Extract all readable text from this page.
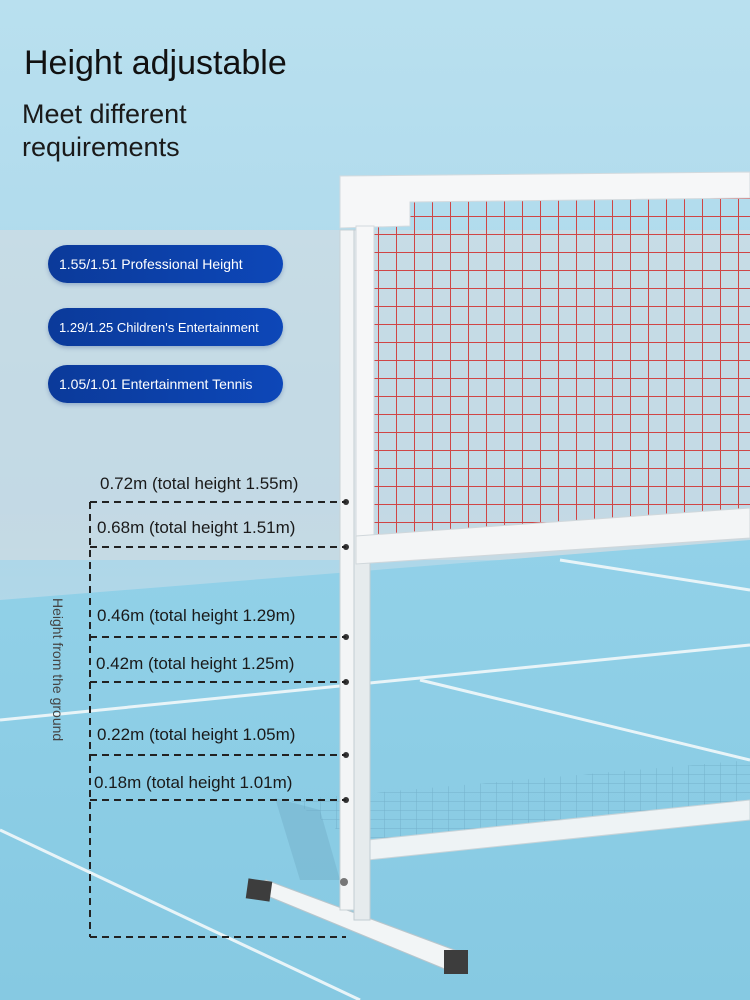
Height adjustable
Meet different requirements
1.55/1.51 Professional Height
1.29/1.25 Children's Entertainment
1.05/1.01 Entertainment Tennis
0.72m (total height 1.55m)
0.68m (total height 1.51m)
0.46m (total height 1.29m)
0.42m (total height 1.25m)
0.22m (total height 1.05m)
0.18m (total height 1.01m)
Height from the ground
